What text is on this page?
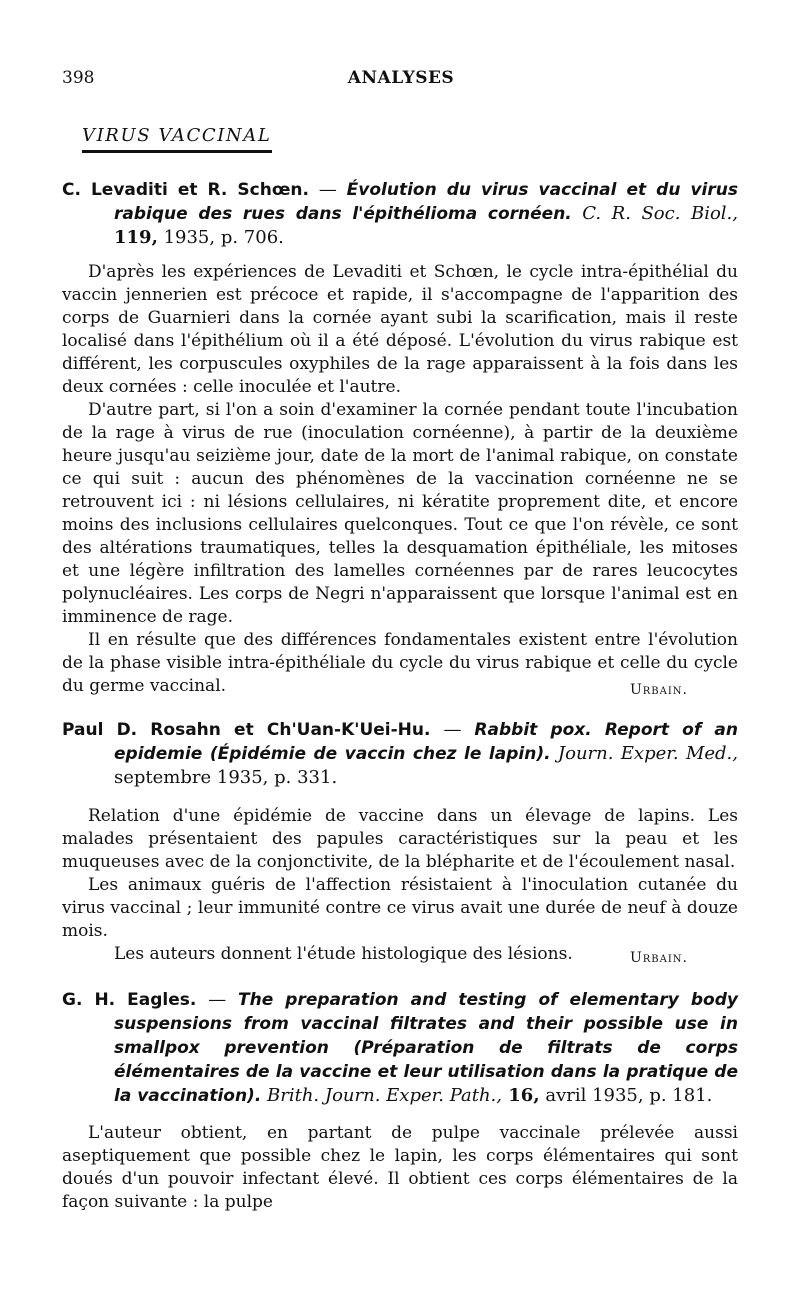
398	ANALYSES
VIRUS VACCINAL

C. Levaditi et R. Schœn. — Évolution du virus vaccinal et du virus rabique des rues dans l'épithélioma cornéen. C. R. Soc. Biol., 119, 1935, p. 706.

D'après les expériences de Levaditi et Schœn, le cycle intra-épithélial du vaccin jennerien est précoce et rapide, il s'accompagne de l'apparition des corps de Guarnieri dans la cornée ayant subi la scarification, mais il reste localisé dans l'épithélium où il a été déposé. L'évolution du virus rabique est différent, les corpuscules oxyphiles de la rage apparaissent à la fois dans les deux cornées : celle inoculée et l'autre.

D'autre part, si l'on a soin d'examiner la cornée pendant toute l'incubation de la rage à virus de rue (inoculation cornéenne), à partir de la deuxième heure jusqu'au seizième jour, date de la mort de l'animal rabique, on constate ce qui suit : aucun des phénomènes de la vaccination cornéenne ne se retrouvent ici : ni lésions cellulaires, ni kératite proprement dite, et encore moins des inclusions cellulaires quelconques. Tout ce que l'on révèle, ce sont des altérations traumatiques, telles la desquamation épithéliale, les mitoses et une légère infiltration des lamelles cornéennes par de rares leucocytes polynucléaires. Les corps de Negri n'apparaissent que lorsque l'animal est en imminence de rage.

Il en résulte que des différences fondamentales existent entre l'évolution de la phase visible intra-épithéliale du cycle du virus rabique et celle du cycle du germe vaccinal.	Urbain.

Paul D. Rosahn et Ch'Uan-K'Uei-Hu. — Rabbit pox. Report of an epidemie (Épidémie de vaccin chez le lapin). Journ. Exper. Med., septembre 1935, p. 331.

Relation d'une épidémie de vaccine dans un élevage de lapins. Les malades présentaient des papules caractéristiques sur la peau et les muqueuses avec de la conjonctivite, de la blépharite et de l'écoulement nasal.

Les animaux guéris de l'affection résistaient à l'inoculation cutanée du virus vaccinal ; leur immunité contre ce virus avait une durée de neuf à douze mois.

Les auteurs donnent l'étude histologique des lésions.	Urbain.

G. H. Eagles. — The preparation and testing of elementary body suspensions from vaccinal filtrates and their possible use in smallpox prevention (Préparation de filtrats de corps élémentaires de la vaccine et leur utilisation dans la pratique de la vaccination). Brith. Journ. Exper. Path., 16, avril 1935, p. 181.

L'auteur obtient, en partant de pulpe vaccinale prélevée aussi aseptiquement que possible chez le lapin, les corps élémentaires qui sont doués d'un pouvoir infectant élevé. Il obtient ces corps élémentaires de la façon suivante : la pulpe
